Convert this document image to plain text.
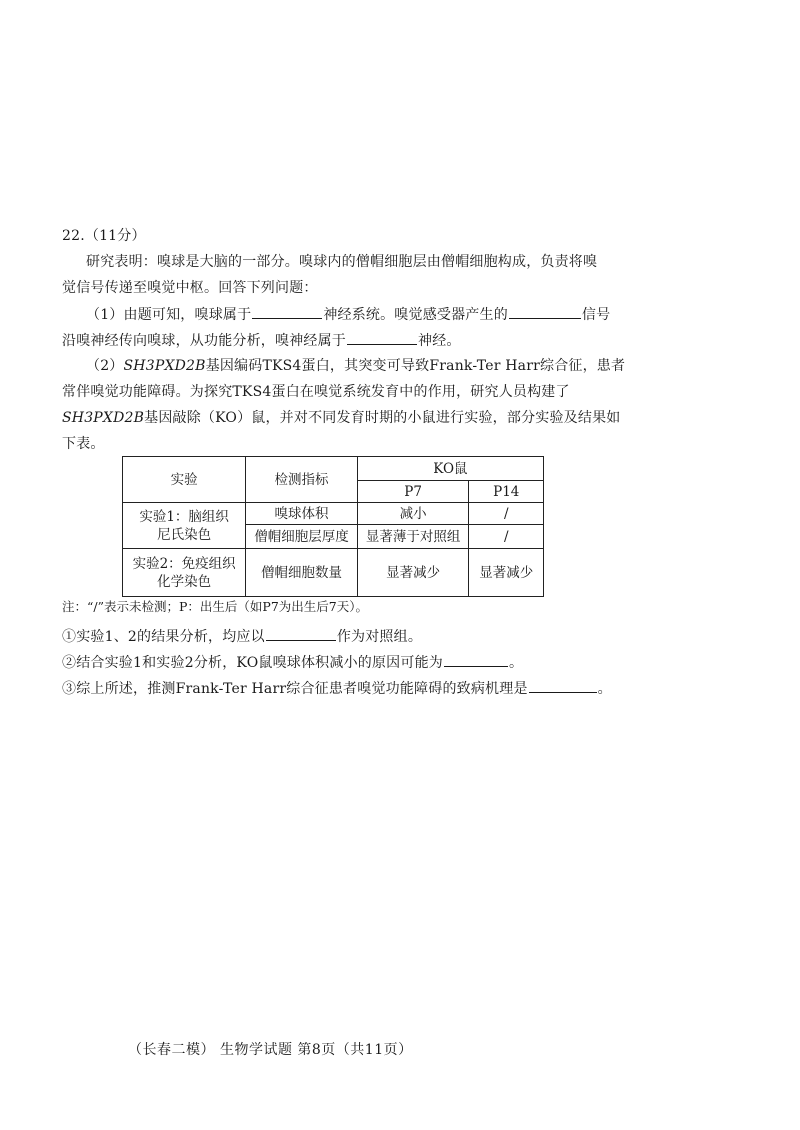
22.（11分）
研究表明：嗅球是大脑的一部分。嗅球内的僧帽细胞层由僧帽细胞构成，负责将嗅
觉信号传递至嗅觉中枢。回答下列问题：
（1）由题可知，嗅球属于	神经系统。嗅觉感受器产生的	信号
沿嗅神经传向嗅球，从功能分析，嗅神经属于	神经。
（2）SH3PXD2B基因编码TKS4蛋白，其突变可导致Frank-Ter Harr综合征，患者
常伴嗅觉功能障碍。为探究TKS4蛋白在嗅觉系统发育中的作用，研究人员构建了
SH3PXD2B基因敲除（KO）鼠，并对不同发育时期的小鼠进行实验，部分实验及结果如
下表。
实验	检测指标	KO鼠	
		P7	P14

实验1：脑组织
尼氏染色	嗅球体积	减小	/
	僧帽细胞层厚度	显著薄于对照组	/

实验2：免疫组织
化学染色	僧帽细胞数量	显著减少	显著减少
注：“/”表示未检测；P：出生后（如P7为出生后7天）。
①实验1、2的结果分析，均应以	作为对照组。
②结合实验1和实验2分析，KO鼠嗅球体积减小的原因可能为	。
③综上所述，推测Frank-Ter Harr综合征患者嗅觉功能障碍的致病机理是	。
（长春二模） 生物学试题 第8页（共11页）
